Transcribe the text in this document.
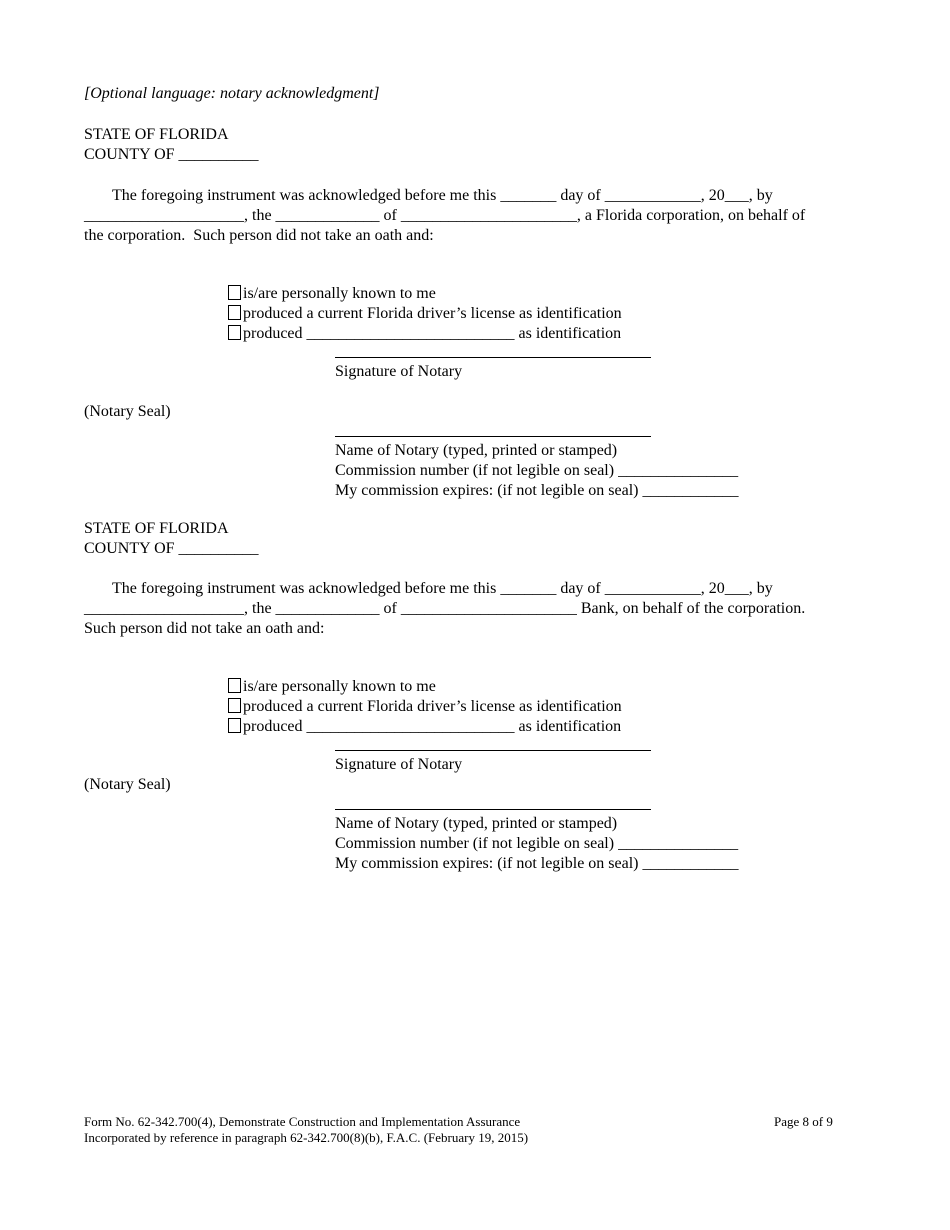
[Optional language: notary acknowledgment]
STATE OF FLORIDA
COUNTY OF __________
The foregoing instrument was acknowledged before me this _______ day of ____________, 20___, by
____________________, the _____________ of ______________________, a Florida corporation, on behalf of
the corporation.  Such person did not take an oath and:

is/are personally known to me

produced a current Florida driver’s license as identification

produced __________________________ as identification

Signature of Notary
(Notary Seal)
Name of Notary (typed, printed or stamped)
Commission number (if not legible on seal) _______________
My commission expires: (if not legible on seal) ____________
STATE OF FLORIDA
COUNTY OF __________
The foregoing instrument was acknowledged before me this _______ day of ____________, 20___, by
____________________, the _____________ of ______________________ Bank, on behalf of the corporation.
Such person did not take an oath and:

is/are personally known to me

produced a current Florida driver’s license as identification

produced __________________________ as identification

Signature of Notary
(Notary Seal)
Name of Notary (typed, printed or stamped)
Commission number (if not legible on seal) _______________
My commission expires: (if not legible on seal) ____________
Form No. 62-342.700(4), Demonstrate Construction and Implementation Assurance
Incorporated by reference in paragraph 62-342.700(8)(b), F.A.C. (February 19, 2015)
Page 8 of 9
